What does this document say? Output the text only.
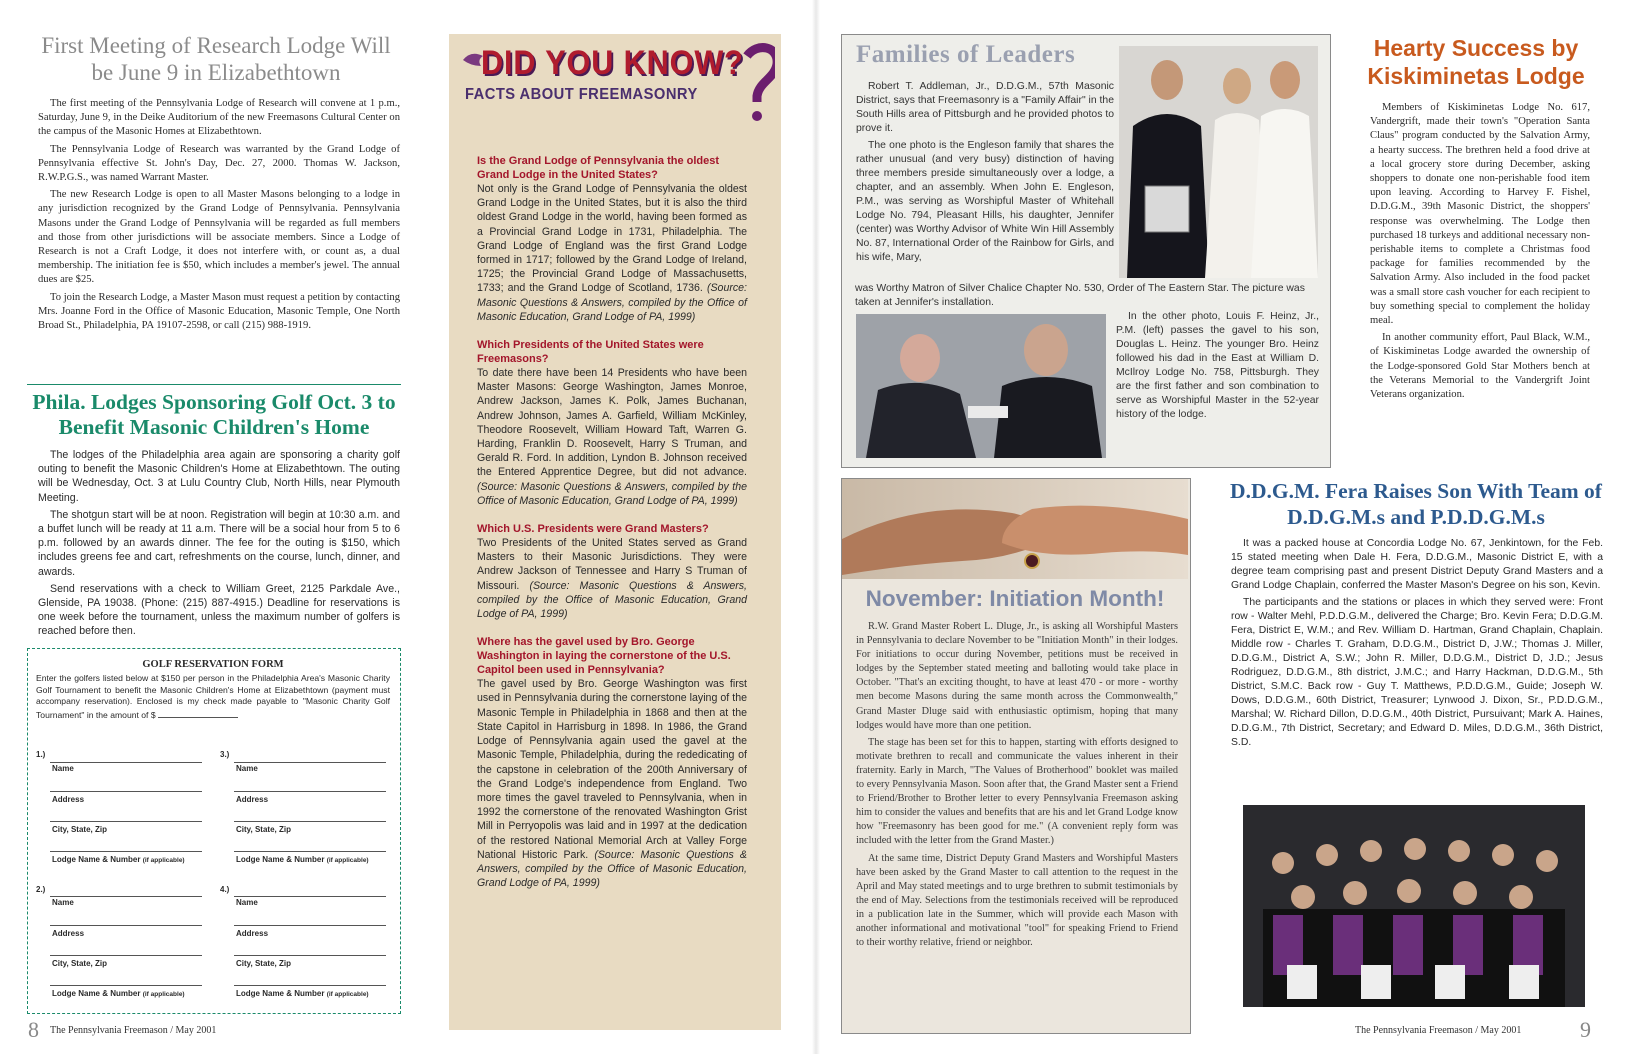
First Meeting of Research Lodge Will be June 9 in Elizabethtown

The first meeting of the Pennsylvania Lodge of Research will convene at 1 p.m., Saturday, June 9, in the Deike Auditorium of the new Freemasons Cultural Center on the campus of the Masonic Homes at Elizabethtown.

The Pennsylvania Lodge of Research was warranted by the Grand Lodge of Pennsylvania effective St. John's Day, Dec. 27, 2000. Thomas W. Jackson, R.W.P.G.S., was named Warrant Master.

The new Research Lodge is open to all Master Masons belonging to a lodge in any jurisdiction recognized by the Grand Lodge of Pennsylvania. Pennsylvania Masons under the Grand Lodge of Pennsylvania will be regarded as full members and those from other jurisdictions will be associate members. Since a Lodge of Research is not a Craft Lodge, it does not interfere with, or count as, a dual membership. The initiation fee is $50, which includes a member's jewel. The annual dues are $25.

To join the Research Lodge, a Master Mason must request a petition by contacting Mrs. Joanne Ford in the Office of Masonic Education, Masonic Temple, One North Broad St., Philadelphia, PA 19107-2598, or call (215) 988-1919.

Phila. Lodges Sponsoring Golf Oct. 3 to Benefit Masonic Children's Home

The lodges of the Philadelphia area again are sponsoring a charity golf outing to benefit the Masonic Children's Home at Elizabethtown. The outing will be Wednesday, Oct. 3 at Lulu Country Club, North Hills, near Plymouth Meeting.

The shotgun start will be at noon. Registration will begin at 10:30 a.m. and a buffet lunch will be ready at 11 a.m. There will be a social hour from 5 to 6 p.m. followed by an awards dinner. The fee for the outing is $150, which includes greens fee and cart, refreshments on the course, lunch, dinner, and awards.

Send reservations with a check to William Greet, 2125 Parkdale Ave., Glenside, PA 19038. (Phone: (215) 887-4915.) Deadline for reservations is one week before the tournament, unless the maximum number of golfers is reached before then.

GOLF RESERVATION FORM
Enter the golfers listed below at $150 per person in the Philadelphia Area's Masonic Charity Golf Tournament to benefit the Masonic Children's Home at Elizabethtown (payment must accompany reservation). Enclosed is my check made payable to "Masonic Charity Golf Tournament" in the amount of $
1.)
Name
Address
City, State, Zip
Lodge Name & Number (if applicable)
3.)
Name
Address
City, State, Zip
Lodge Name & Number (if applicable)
2.)
Name
Address
City, State, Zip
Lodge Name & Number (if applicable)
4.)
Name
Address
City, State, Zip
Lodge Name & Number (if applicable)
8 The Pennsylvania Freemason / May 2001
DID YOU KNOW?
FACTS ABOUT FREEMASONRY
Is the Grand Lodge of Pennsylvania the oldest Grand Lodge in the United States?
Not only is the Grand Lodge of Pennsylvania the oldest Grand Lodge in the United States, but it is also the third oldest Grand Lodge in the world, having been formed as a Provincial Grand Lodge in 1731, Philadelphia. The Grand Lodge of England was the first Grand Lodge formed in 1717; followed by the Grand Lodge of Ireland, 1725; the Provincial Grand Lodge of Massachusetts, 1733; and the Grand Lodge of Scotland, 1736. (Source: Masonic Questions & Answers, compiled by the Office of Masonic Education, Grand Lodge of PA, 1999)
Which Presidents of the United States were Freemasons?
To date there have been 14 Presidents who have been Master Masons: George Washington, James Monroe, Andrew Jackson, James K. Polk, James Buchanan, Andrew Johnson, James A. Garfield, William McKinley, Theodore Roosevelt, William Howard Taft, Warren G. Harding, Franklin D. Roosevelt, Harry S Truman, and Gerald R. Ford. In addition, Lyndon B. Johnson received the Entered Apprentice Degree, but did not advance. (Source: Masonic Questions & Answers, compiled by the Office of Masonic Education, Grand Lodge of PA, 1999)
Which U.S. Presidents were Grand Masters?
Two Presidents of the United States served as Grand Masters to their Masonic Jurisdictions. They were Andrew Jackson of Tennessee and Harry S Truman of Missouri. (Source: Masonic Questions & Answers, compiled by the Office of Masonic Education, Grand Lodge of PA, 1999)
Where has the gavel used by Bro. George Washington in laying the cornerstone of the U.S. Capitol been used in Pennsylvania?
The gavel used by Bro. George Washington was first used in Pennsylvania during the cornerstone laying of the Masonic Temple in Philadelphia in 1868 and then at the State Capitol in Harrisburg in 1898. In 1986, the Grand Lodge of Pennsylvania again used the gavel at the Masonic Temple, Philadelphia, during the rededicating of the capstone in celebration of the 200th Anniversary of the Grand Lodge's independence from England. Two more times the gavel traveled to Pennsylvania, when in 1992 the cornerstone of the renovated Washington Grist Mill in Perryopolis was laid and in 1997 at the dedication of the restored National Memorial Arch at Valley Forge National Historic Park. (Source: Masonic Questions & Answers, compiled by the Office of Masonic Education, Grand Lodge of PA, 1999)
Families of Leaders

Robert T. Addleman, Jr., D.D.G.M., 57th Masonic District, says that Freemasonry is a "Family Affair" in the South Hills area of Pittsburgh and he provided photos to prove it.

The one photo is the Engleson family that shares the rather unusual (and very busy) distinction of having three members preside simultaneously over a lodge, a chapter, and an assembly. When John E. Engleson, P.M., was serving as Worshipful Master of Whitehall Lodge No. 794, Pleasant Hills, his daughter, Jennifer (center) was Worthy Advisor of White Win Hill Assembly No. 87, International Order of the Rainbow for Girls, and his wife, Mary,

was Worthy Matron of Silver Chalice Chapter No. 530, Order of The Eastern Star. The picture was taken at Jennifer's installation.

In the other photo, Louis F. Heinz, Jr., P.M. (left) passes the gavel to his son, Douglas L. Heinz. The younger Bro. Heinz followed his dad in the East at William D. McIlroy Lodge No. 758, Pittsburgh. They are the first father and son combination to serve as Worshipful Master in the 52-year history of the lodge.

November: Initiation Month!

R.W. Grand Master Robert L. Dluge, Jr., is asking all Worshipful Masters in Pennsylvania to declare November to be "Initiation Month" in their lodges. For initiations to occur during November, petitions must be received in lodges by the September stated meeting and balloting would take place in October. "That's an exciting thought, to have at least 470 - or more - worthy men become Masons during the same month across the Commonwealth," Grand Master Dluge said with enthusiastic optimism, hoping that many lodges would have more than one petition.

The stage has been set for this to happen, starting with efforts designed to motivate brethren to recall and communicate the values inherent in their fraternity. Early in March, "The Values of Brotherhood" booklet was mailed to every Pennsylvania Mason. Soon after that, the Grand Master sent a Friend to Friend/Brother to Brother letter to every Pennsylvania Freemason asking him to consider the values and benefits that are his and let Grand Lodge know how "Freemasonry has been good for me." (A convenient reply form was included with the letter from the Grand Master.)

At the same time, District Deputy Grand Masters and Worshipful Masters have been asked by the Grand Master to call attention to the request in the April and May stated meetings and to urge brethren to submit testimonials by the end of May. Selections from the testimonials received will be reproduced in a publication late in the Summer, which will provide each Mason with another informational and motivational "tool" for speaking Friend to Friend to their worthy relative, friend or neighbor.

Hearty Success by Kiskiminetas Lodge

Members of Kiskiminetas Lodge No. 617, Vandergrift, made their town's "Operation Santa Claus" program conducted by the Salvation Army, a hearty success. The brethren held a food drive at a local grocery store during December, asking shoppers to donate one non-perishable food item upon leaving. According to Harvey F. Fishel, D.D.G.M., 39th Masonic District, the shoppers' response was overwhelming. The Lodge then purchased 18 turkeys and additional necessary non-perishable items to complete a Christmas food package for families recommended by the Salvation Army. Also included in the food packet was a small store cash voucher for each recipient to buy something special to complement the holiday meal.

In another community effort, Paul Black, W.M., of Kiskiminetas Lodge awarded the ownership of the Lodge-sponsored Gold Star Mothers bench at the Veterans Memorial to the Vandergrift Joint Veterans organization.

D.D.G.M. Fera Raises Son With Team of D.D.G.M.s and P.D.D.G.M.s

It was a packed house at Concordia Lodge No. 67, Jenkintown, for the Feb. 15 stated meeting when Dale H. Fera, D.D.G.M., Masonic District E, with a degree team comprising past and present District Deputy Grand Masters and a Grand Lodge Chaplain, conferred the Master Mason's Degree on his son, Kevin.

The participants and the stations or places in which they served were: Front row - Walter Mehl, P.D.D.G.M., delivered the Charge; Bro. Kevin Fera; D.D.G.M. Fera, District E, W.M.; and Rev. William D. Hartman, Grand Chaplain, Chaplain. Middle row - Charles T. Graham, D.D.G.M., District D, J.W.; Thomas J. Miller, D.D.G.M., District A, S.W.; John R. Miller, D.D.G.M., District D, J.D.; Jesus Rodriguez, D.D.G.M., 8th district, J.M.C.; and Harry Hackman, D.D.G.M., 5th District, S.M.C. Back row - Guy T. Matthews, P.D.D.G.M., Guide; Joseph W. Dows, D.D.G.M., 60th District, Treasurer; Lynwood J. Dixon, Sr., P.D.D.G.M., Marshal; W. Richard Dillon, D.D.G.M., 40th District, Pursuivant; Mark A. Haines, D.D.G.M., 7th District, Secretary; and Edward D. Miles, D.D.G.M., 36th District, S.D.

The Pennsylvania Freemason / May 2001	9
